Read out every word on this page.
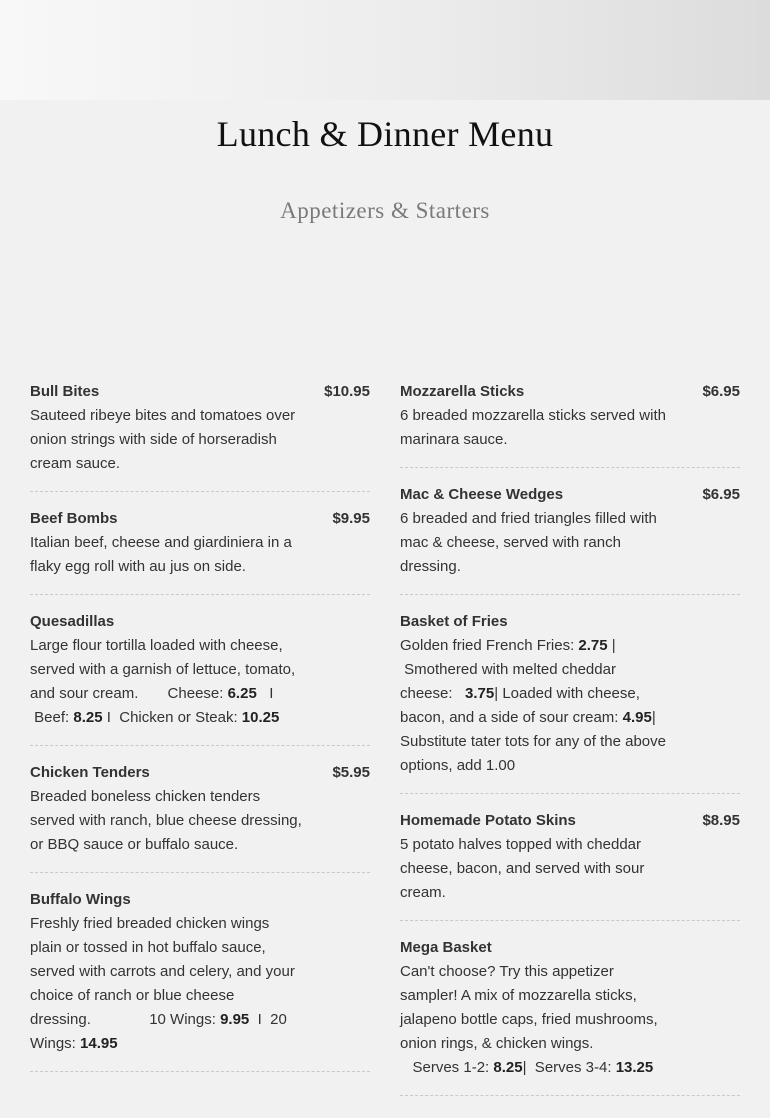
Lunch & Dinner Menu
Appetizers & Starters
Bull Bites	$10.95
Sauteed ribeye bites and tomatoes over onion strings with side of horseradish cream sauce.
Beef Bombs	$9.95
Italian beef, cheese and giardiniera in a flaky egg roll with au jus on side.
Quesadillas
Large flour tortilla loaded with cheese, served with a garnish of lettuce, tomato, and sour cream.       Cheese: 6.25   I
Beef: 8.25 I  Chicken or Steak: 10.25
Chicken Tenders	$5.95
Breaded boneless chicken tenders served with ranch, blue cheese dressing, or BBQ sauce or buffalo sauce.
Buffalo Wings
Freshly fried breaded chicken wings plain or tossed in hot buffalo sauce, served with carrots and celery, and your choice of ranch or blue cheese dressing.              10 Wings: 9.95  I  20 Wings: 14.95
Mozzarella Sticks	$6.95
6 breaded mozzarella sticks served with marinara sauce.
Mac & Cheese Wedges	$6.95
6 breaded and fried triangles filled with mac & cheese, served with ranch dressing.
Basket of Fries
Golden fried French Fries: 2.75 |
Smothered with melted cheddar cheese:   3.75| Loaded with cheese, bacon, and a side of sour cream: 4.95| Substitute tater tots for any of the above options, add 1.00
Homemade Potato Skins	$8.95
5 potato halves topped with cheddar cheese, bacon, and served with sour cream.
Mega Basket
Can't choose? Try this appetizer sampler! A mix of mozzarella sticks, jalapeno bottle caps, fried mushrooms, onion rings, & chicken wings.
Serves 1-2: 8.25|  Serves 3-4: 13.25
